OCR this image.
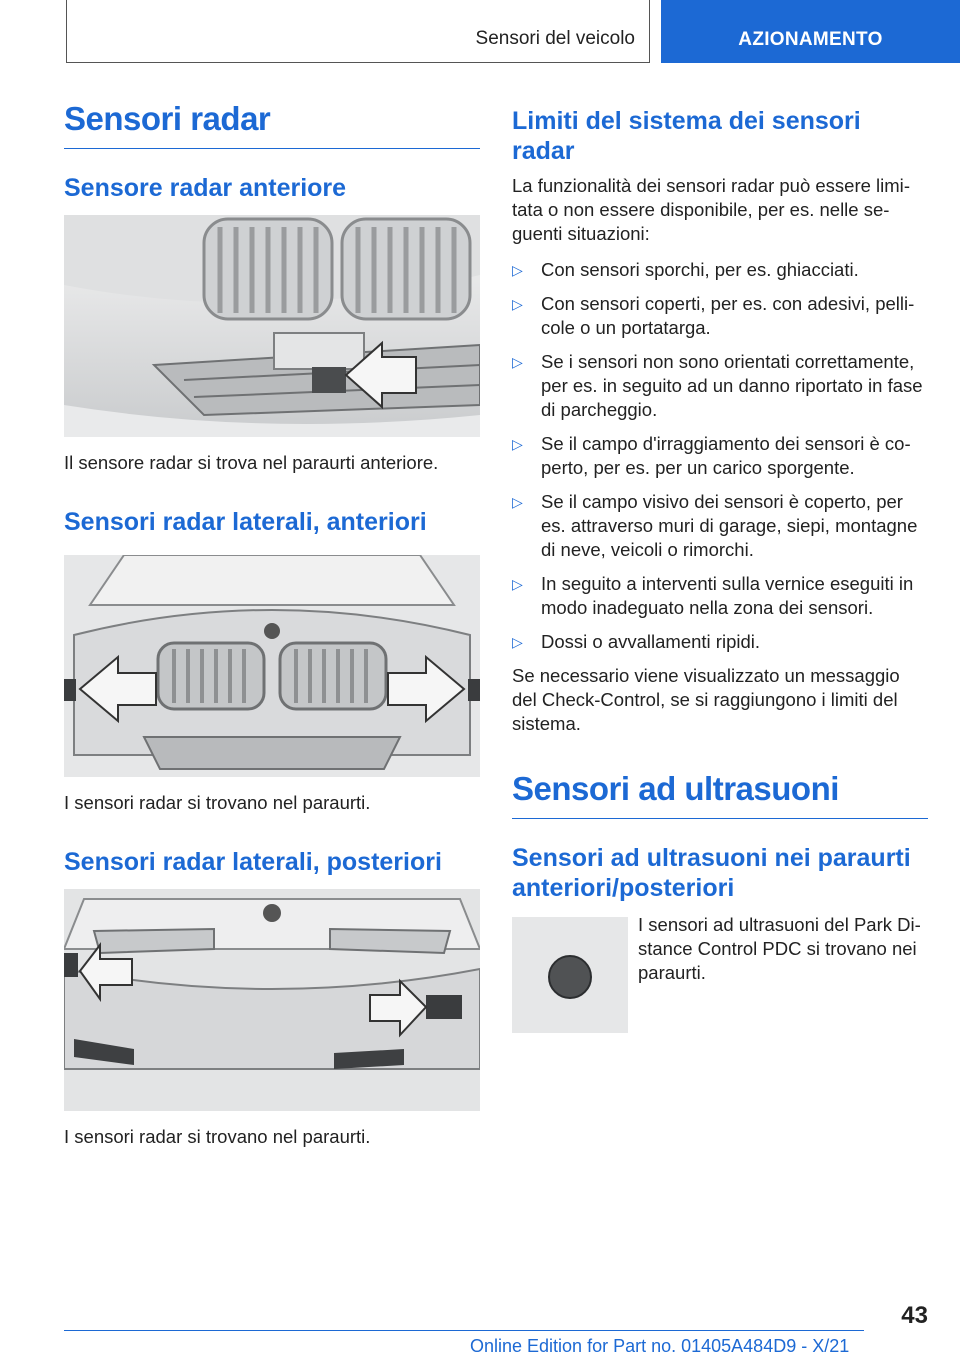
Sensori del veicolo	AZIONAMENTO
Sensori radar
Sensore radar anteriore

Il sensore radar si trova nel paraurti anteriore.

Sensori radar laterali, anteriori

I sensori radar si trovano nel paraurti.

Sensori radar laterali, posteriori

I sensori radar si trovano nel paraurti.

Limiti del sistema dei sensori radar

La funzionalità dei sensori radar può essere limitata o non essere disponibile, per es. nelle seguenti situazioni:

▷ Con sensori sporchi, per es. ghiacciati.
▷ Con sensori coperti, per es. con adesivi, pellicole o un portatarga.
▷ Se i sensori non sono orientati correttamente, per es. in seguito ad un danno riportato in fase di parcheggio.
▷ Se il campo d'irraggiamento dei sensori è coperto, per es. per un carico sporgente.
▷ Se il campo visivo dei sensori è coperto, per es. attraverso muri di garage, siepi, montagne di neve, veicoli o rimorchi.
▷ In seguito a interventi sulla vernice eseguiti in modo inadeguato nella zona dei sensori.
▷ Dossi o avvallamenti ripidi.

Se necessario viene visualizzato un messaggio del Check-Control, se si raggiungono i limiti del sistema.

Sensori ad ultrasuoni
Sensori ad ultrasuoni nei paraurti anteriori/posteriori

I sensori ad ultrasuoni del Park Distance Control PDC si trovano nei paraurti.

43
Online Edition for Part no. 01405A484D9 - X/21
